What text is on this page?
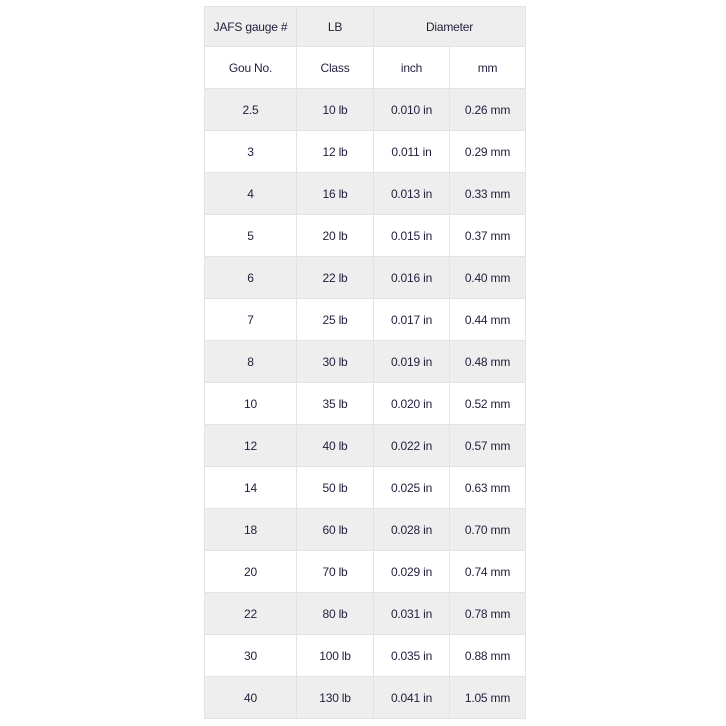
JAFS gauge #	LB	Diameter	
Gou No.	Class	inch	mm
2.5	10 lb	0.010 in	0.26 mm
3	12 lb	0.011 in	0.29 mm
4	16 lb	0.013 in	0.33 mm
5	20 lb	0.015 in	0.37 mm
6	22 lb	0.016 in	0.40 mm
7	25 lb	0.017 in	0.44 mm
8	30 lb	0.019 in	0.48 mm
10	35 lb	0.020 in	0.52 mm
12	40 lb	0.022 in	0.57 mm
14	50 lb	0.025 in	0.63 mm
18	60 lb	0.028 in	0.70 mm
20	70 lb	0.029 in	0.74 mm
22	80 lb	0.031 in	0.78 mm
30	100 lb	0.035 in	0.88 mm
40	130 lb	0.041 in	1.05 mm
